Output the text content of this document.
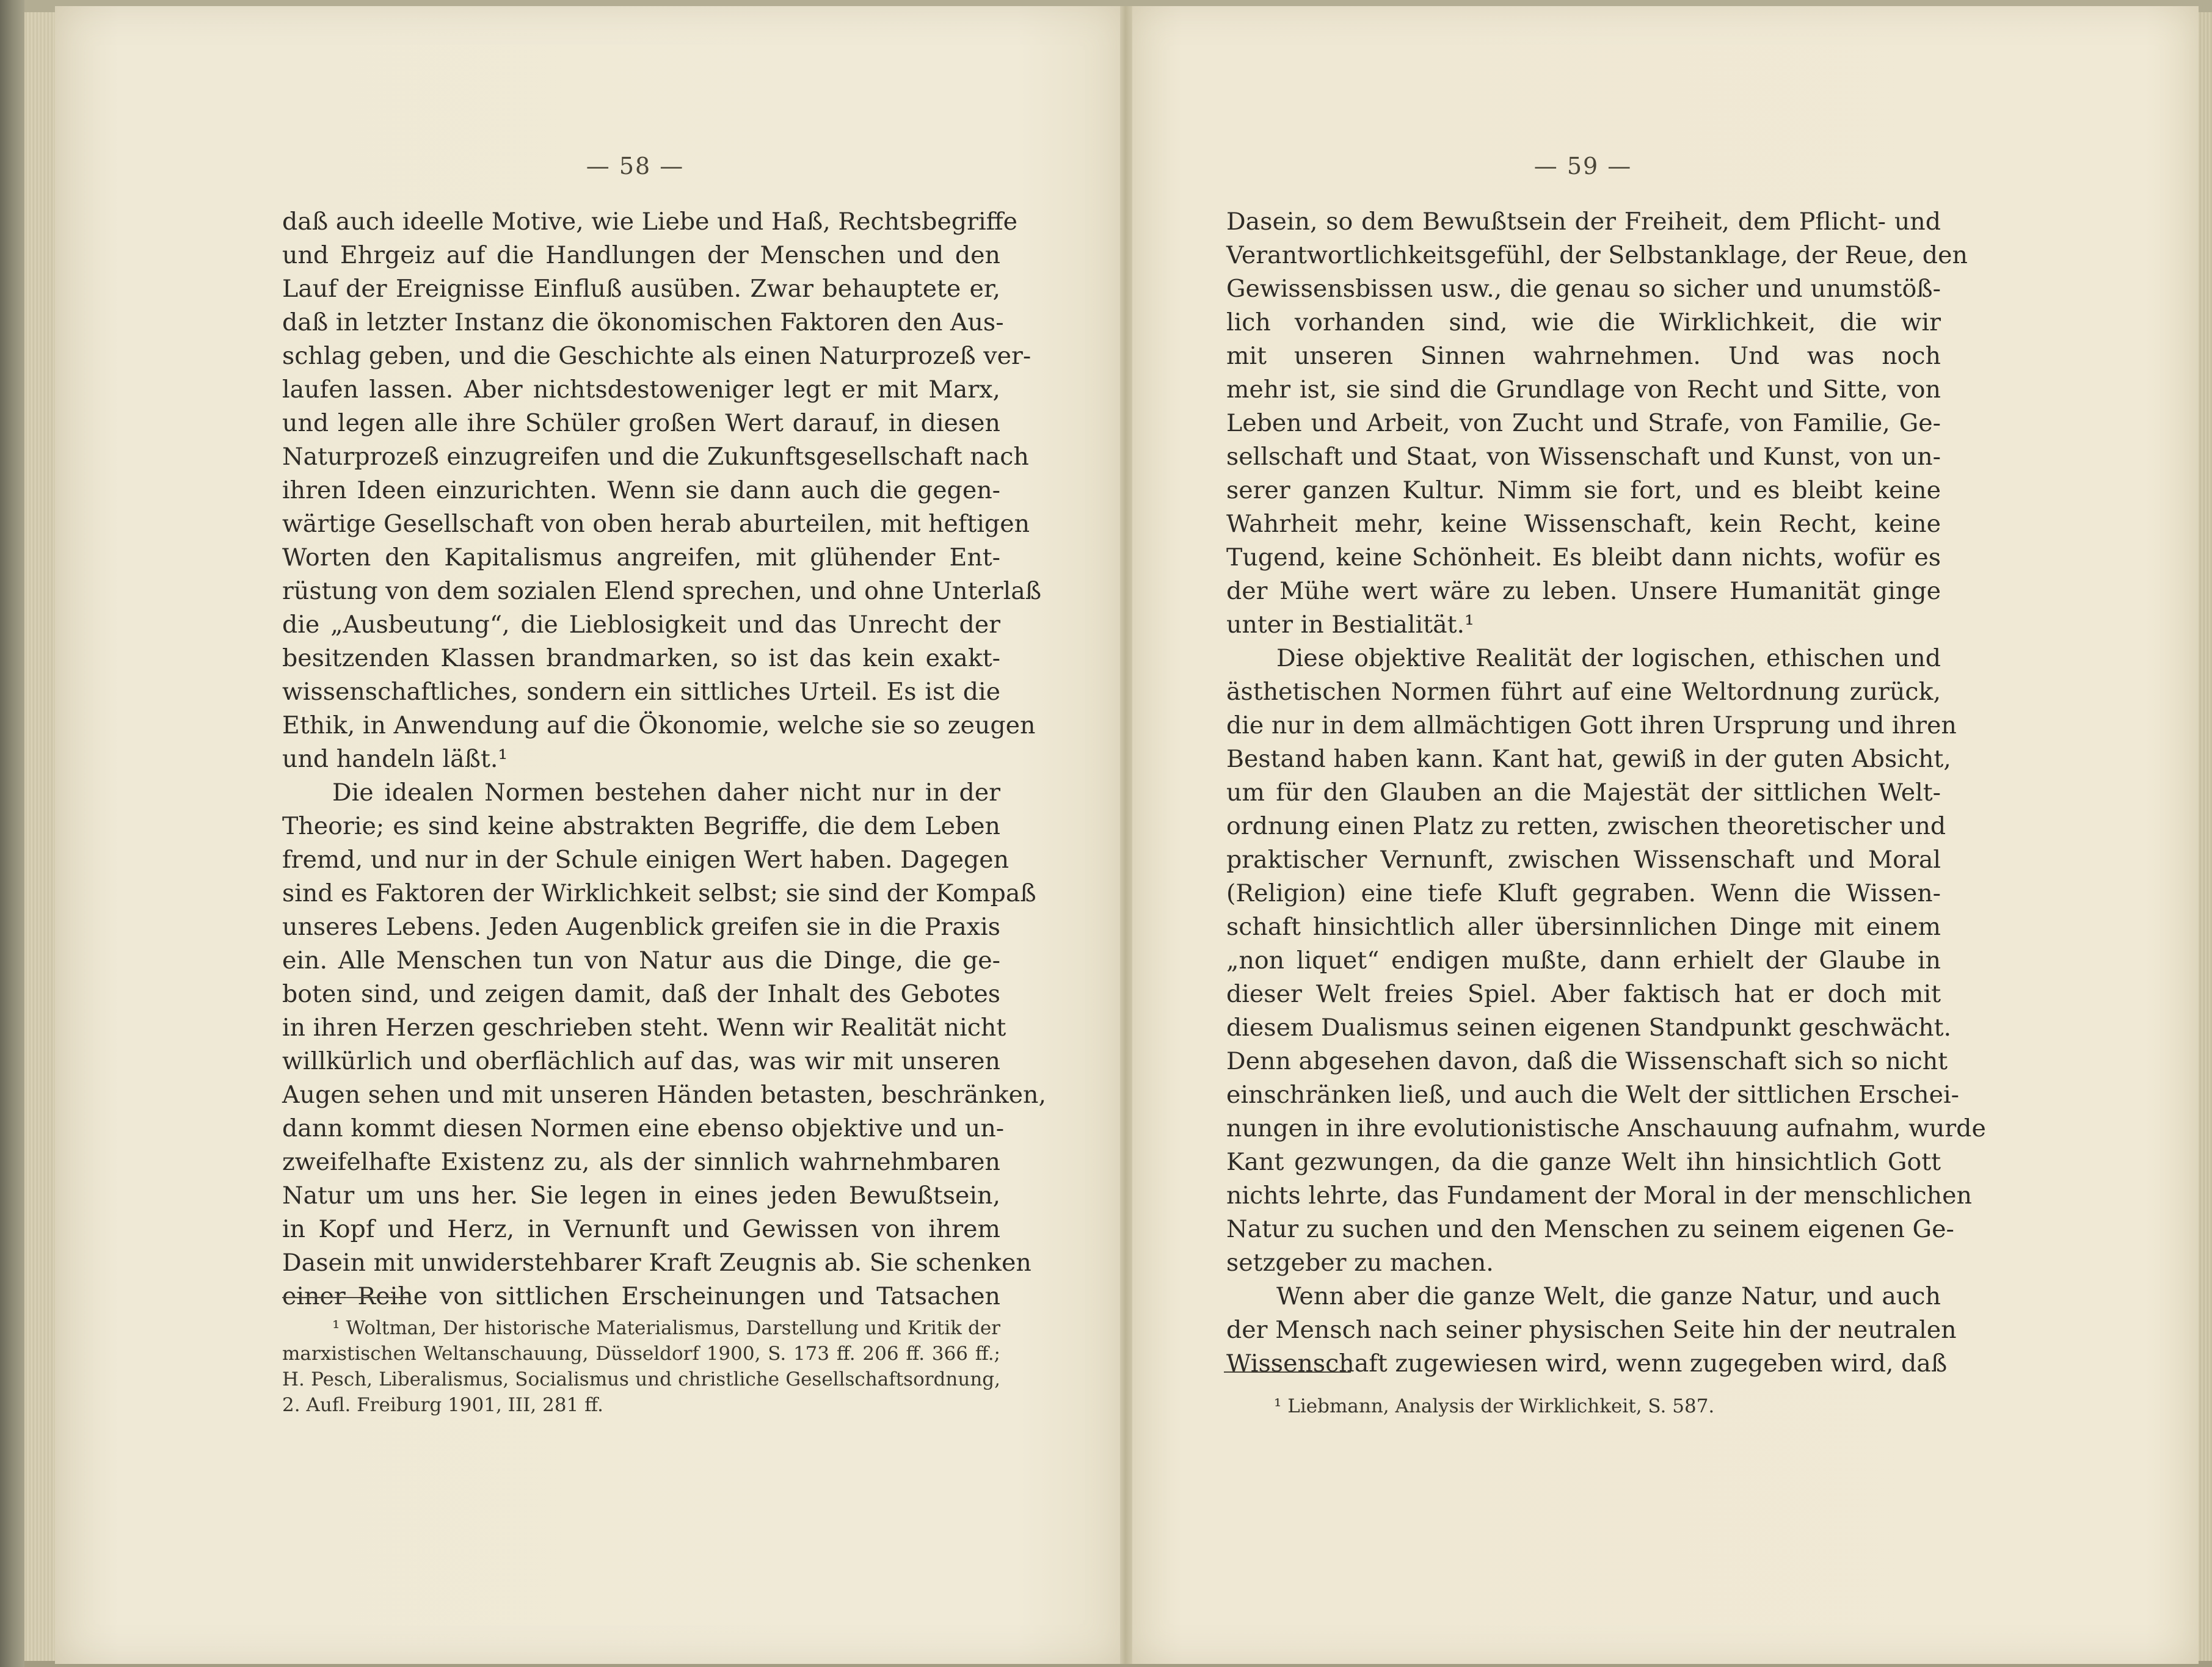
— 58 —
daß auch ideelle Motive, wie Liebe und Haß, Rechtsbegriffe
und Ehrgeiz auf die Handlungen der Menschen und den
Lauf der Ereignisse Einfluß ausüben. Zwar behauptete er,
daß in letzter Instanz die ökonomischen Faktoren den Aus-
schlag geben, und die Geschichte als einen Naturprozeß ver-
laufen lassen. Aber nichtsdestoweniger legt er mit Marx,
und legen alle ihre Schüler großen Wert darauf, in diesen
Naturprozeß einzugreifen und die Zukunftsgesellschaft nach
ihren Ideen einzurichten. Wenn sie dann auch die gegen-
wärtige Gesellschaft von oben herab aburteilen, mit heftigen
Worten den Kapitalismus angreifen, mit glühender Ent-
rüstung von dem sozialen Elend sprechen, und ohne Unterlaß
die „Ausbeutung“, die Lieblosigkeit und das Unrecht der
besitzenden Klassen brandmarken, so ist das kein exakt-
wissenschaftliches, sondern ein sittliches Urteil. Es ist die
Ethik, in Anwendung auf die Ökonomie, welche sie so zeugen
und handeln läßt.¹
Die idealen Normen bestehen daher nicht nur in der
Theorie; es sind keine abstrakten Begriffe, die dem Leben
fremd, und nur in der Schule einigen Wert haben. Dagegen
sind es Faktoren der Wirklichkeit selbst; sie sind der Kompaß
unseres Lebens. Jeden Augenblick greifen sie in die Praxis
ein. Alle Menschen tun von Natur aus die Dinge, die ge-
boten sind, und zeigen damit, daß der Inhalt des Gebotes
in ihren Herzen geschrieben steht. Wenn wir Realität nicht
willkürlich und oberflächlich auf das, was wir mit unseren
Augen sehen und mit unseren Händen betasten, beschränken,
dann kommt diesen Normen eine ebenso objektive und un-
zweifelhafte Existenz zu, als der sinnlich wahrnehmbaren
Natur um uns her. Sie legen in eines jeden Bewußtsein,
in Kopf und Herz, in Vernunft und Gewissen von ihrem
Dasein mit unwiderstehbarer Kraft Zeugnis ab. Sie schenken
einer Reihe von sittlichen Erscheinungen und Tatsachen
¹ Woltman, Der historische Materialismus, Darstellung und Kritik der
marxistischen Weltanschauung, Düsseldorf 1900, S. 173 ff. 206 ff. 366 ff.;
H. Pesch, Liberalismus, Socialismus und christliche Gesellschaftsordnung,
2. Aufl. Freiburg 1901, III, 281 ff.
— 59 —
Dasein, so dem Bewußtsein der Freiheit, dem Pflicht- und
Verantwortlichkeitsgefühl, der Selbstanklage, der Reue, den
Gewissensbissen usw., die genau so sicher und unumstöß-
lich vorhanden sind, wie die Wirklichkeit, die wir
mit unseren Sinnen wahrnehmen. Und was noch
mehr ist, sie sind die Grundlage von Recht und Sitte, von
Leben und Arbeit, von Zucht und Strafe, von Familie, Ge-
sellschaft und Staat, von Wissenschaft und Kunst, von un-
serer ganzen Kultur. Nimm sie fort, und es bleibt keine
Wahrheit mehr, keine Wissenschaft, kein Recht, keine
Tugend, keine Schönheit. Es bleibt dann nichts, wofür es
der Mühe wert wäre zu leben. Unsere Humanität ginge
unter in Bestialität.¹
Diese objektive Realität der logischen, ethischen und
ästhetischen Normen führt auf eine Weltordnung zurück,
die nur in dem allmächtigen Gott ihren Ursprung und ihren
Bestand haben kann. Kant hat, gewiß in der guten Absicht,
um für den Glauben an die Majestät der sittlichen Welt-
ordnung einen Platz zu retten, zwischen theoretischer und
praktischer Vernunft, zwischen Wissenschaft und Moral
(Religion) eine tiefe Kluft gegraben. Wenn die Wissen-
schaft hinsichtlich aller übersinnlichen Dinge mit einem
„non liquet“ endigen mußte, dann erhielt der Glaube in
dieser Welt freies Spiel. Aber faktisch hat er doch mit
diesem Dualismus seinen eigenen Standpunkt geschwächt.
Denn abgesehen davon, daß die Wissenschaft sich so nicht
einschränken ließ, und auch die Welt der sittlichen Erschei-
nungen in ihre evolutionistische Anschauung aufnahm, wurde
Kant gezwungen, da die ganze Welt ihn hinsichtlich Gott
nichts lehrte, das Fundament der Moral in der menschlichen
Natur zu suchen und den Menschen zu seinem eigenen Ge-
setzgeber zu machen.
Wenn aber die ganze Welt, die ganze Natur, und auch
der Mensch nach seiner physischen Seite hin der neutralen
Wissenschaft zugewiesen wird, wenn zugegeben wird, daß
¹ Liebmann, Analysis der Wirklichkeit, S. 587.
